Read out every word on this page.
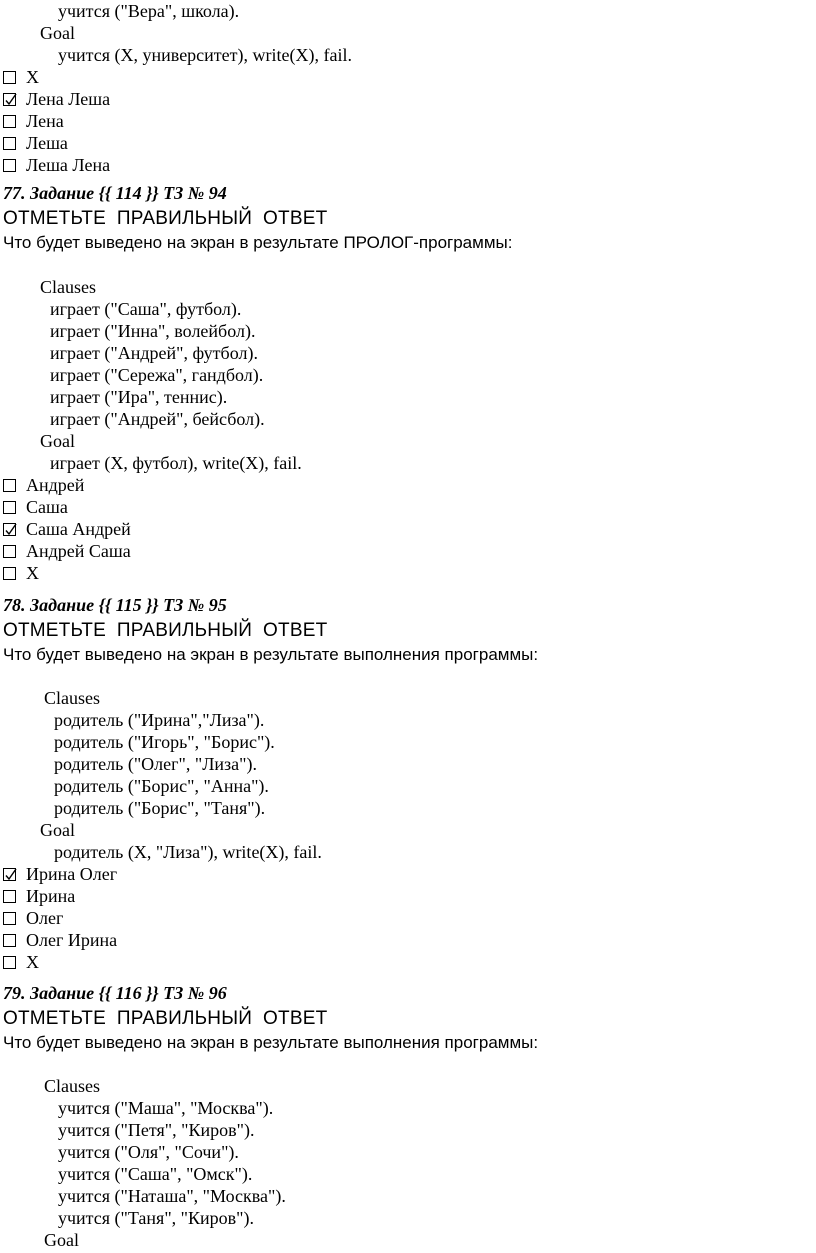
учится ("Вера", школа).
Goal
учится (X, университет), write(X), fail.
X
Лена Леша
Лена
Леша
Леша Лена
77. Задание {{ 114 }} ТЗ № 94
ОТМЕТЬТЕ  ПРАВИЛЬНЫЙ  ОТВЕТ
Что будет выведено на экран в результате ПРОЛОГ-программы:
Clauses
играет ("Саша", футбол).
играет ("Инна", волейбол).
играет ("Андрей", футбол).
играет ("Сережа", гандбол).
играет ("Ира", теннис).
играет ("Андрей", бейсбол).
Goal
играет (X, футбол), write(X), fail.
Андрей
Саша
Саша Андрей
Андрей Саша
X
78. Задание {{ 115 }} ТЗ № 95
ОТМЕТЬТЕ  ПРАВИЛЬНЫЙ  ОТВЕТ
Что будет выведено на экран в результате выполнения программы:
Clauses
родитель ("Ирина","Лиза").
родитель ("Игорь", "Борис").
родитель ("Олег", "Лиза").
родитель ("Борис", "Анна").
родитель ("Борис", "Таня").
Goal
родитель (X, "Лиза"), write(X), fail.
Ирина Олег
Ирина
Олег
Олег Ирина
X
79. Задание {{ 116 }} ТЗ № 96
ОТМЕТЬТЕ  ПРАВИЛЬНЫЙ  ОТВЕТ
Что будет выведено на экран в результате выполнения программы:
Clauses
учится ("Маша", "Москва").
учится ("Петя", "Киров").
учится ("Оля", "Сочи").
учится ("Саша", "Омск").
учится ("Наташа", "Москва").
учится ("Таня", "Киров").
Goal
